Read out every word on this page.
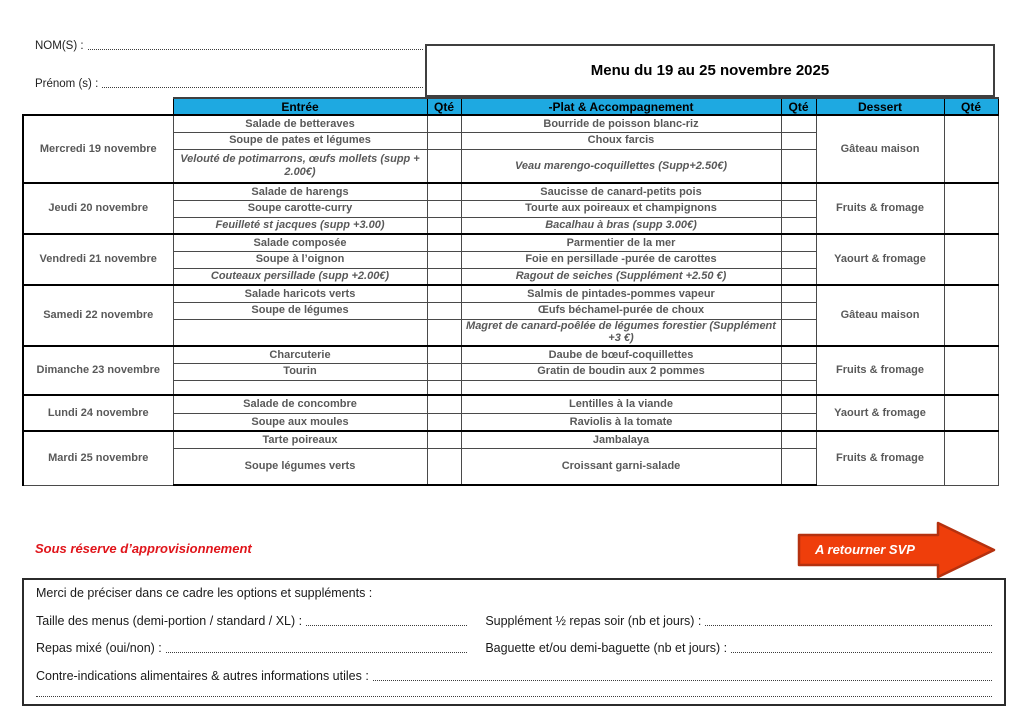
NOM(S) :
Prénom (s) :
Menu du 19 au 25 novembre 2025
	Entrée	Qté	-Plat & Accompagnement	Qté	Dessert	Qté
Mercredi 19 novembre	Salade de betteraves		Bourride de poisson blanc-riz		Gâteau maison	
	Soupe de pates et légumes		Choux farcis			
	Velouté de potimarrons, œufs mollets (supp + 2.00€)		Veau marengo-coquillettes (Supp+2.50€)			
Jeudi 20 novembre	Salade de harengs		Saucisse de canard-petits pois		Fruits & fromage	
	Soupe carotte-curry		Tourte aux poireaux et champignons			
	Feuilleté st jacques (supp +3.00)		Bacalhau à bras (supp 3.00€)			
Vendredi 21 novembre	Salade composée		Parmentier de la mer		Yaourt & fromage	
	Soupe à l’oignon		Foie en persillade -purée de carottes			
	Couteaux persillade (supp +2.00€)		Ragout de seiches (Supplément +2.50 €)			
Samedi 22 novembre	Salade haricots verts		Salmis de pintades-pommes vapeur		Gâteau maison	
	Soupe de légumes		Œufs béchamel-purée de choux			
			Magret de canard-poêlée de légumes forestier (Supplément +3 €)			
Dimanche 23 novembre	Charcuterie		Daube de bœuf-coquillettes		Fruits & fromage	
	Tourin		Gratin de boudin aux 2 pommes			

Lundi 24 novembre	Salade de concombre		Lentilles à la viande		Yaourt & fromage	
	Soupe aux moules		Raviolis à la tomate			
Mardi 25 novembre	Tarte poireaux		Jambalaya		Fruits & fromage	
	Soupe légumes verts		Croissant garni-salade			
Sous réserve d’approvisionnement	A retourner SVP
Merci de préciser dans ce cadre les options et suppléments :
Taille des menus (demi-portion / standard / XL) :	Supplément ½ repas soir (nb et jours) :
Repas mixé (oui/non) :	Baguette et/ou demi-baguette (nb et jours) :
Contre-indications alimentaires & autres informations utiles :
